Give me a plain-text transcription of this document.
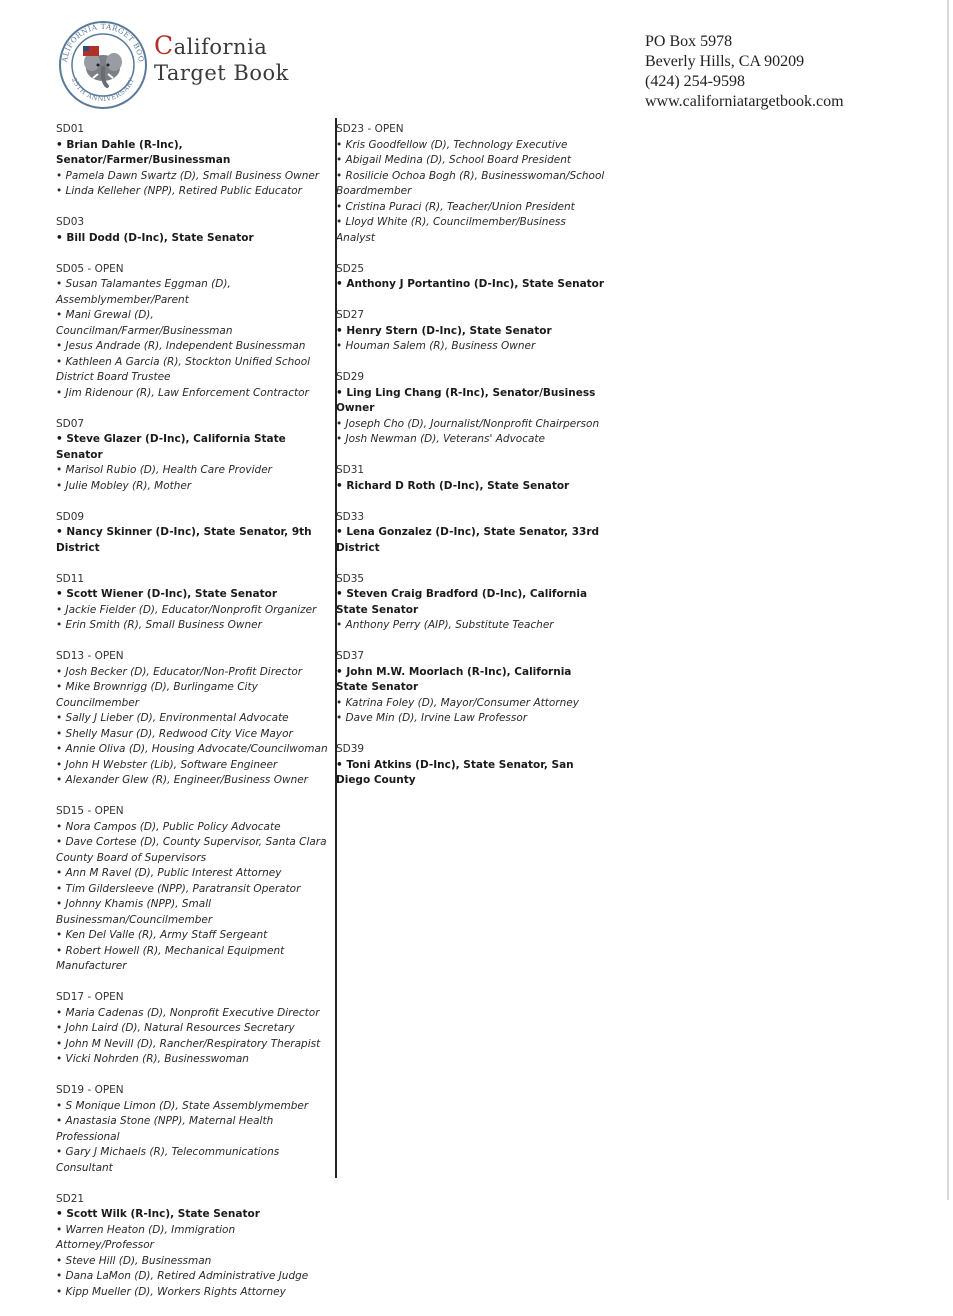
ALIFORNIA TARGET BOO
25TH ANNIVERSARY
California
Target Book
PO Box 5978
Beverly Hills, CA 90209
(424) 254-9598
www.californiatargetbook.com
SD01
• Brian Dahle (R-Inc), Senator/Farmer/Businessman
• Pamela Dawn Swartz (D), Small Business Owner
• Linda Kelleher (NPP), Retired Public Educator
SD03
• Bill Dodd (D-Inc), State Senator
SD05 - OPEN
• Susan Talamantes Eggman (D), Assemblymember/Parent
• Mani Grewal (D), Councilman/Farmer/Businessman
• Jesus Andrade (R), Independent Businessman
• Kathleen A Garcia (R), Stockton Unified School District Board Trustee
• Jim Ridenour (R), Law Enforcement Contractor
SD07
• Steve Glazer (D-Inc), California State Senator
• Marisol Rubio (D), Health Care Provider
• Julie Mobley (R), Mother
SD09
• Nancy Skinner (D-Inc), State Senator, 9th District
SD11
• Scott Wiener (D-Inc), State Senator
• Jackie Fielder (D), Educator/Nonprofit Organizer
• Erin Smith (R), Small Business Owner
SD13 - OPEN
• Josh Becker (D), Educator/Non-Profit Director
• Mike Brownrigg (D), Burlingame City Councilmember
• Sally J Lieber (D), Environmental Advocate
• Shelly Masur (D), Redwood City Vice Mayor
• Annie Oliva (D), Housing Advocate/Councilwoman
• John H Webster (Lib), Software Engineer
• Alexander Glew (R), Engineer/Business Owner
SD15 - OPEN
• Nora Campos (D), Public Policy Advocate
• Dave Cortese (D), County Supervisor, Santa Clara County Board of Supervisors
• Ann M Ravel (D), Public Interest Attorney
• Tim Gildersleeve (NPP), Paratransit Operator
• Johnny Khamis (NPP), Small Businessman/Councilmember
• Ken Del Valle (R), Army Staff Sergeant
• Robert Howell (R), Mechanical Equipment Manufacturer
SD17 - OPEN
• Maria Cadenas (D), Nonprofit Executive Director
• John Laird (D), Natural Resources Secretary
• John M Nevill (D), Rancher/Respiratory Therapist
• Vicki Nohrden (R), Businesswoman
SD19 - OPEN
• S Monique Limon (D), State Assemblymember
• Anastasia Stone (NPP), Maternal Health Professional
• Gary J Michaels (R), Telecommunications Consultant
SD21
• Scott Wilk (R-Inc), State Senator
• Warren Heaton (D), Immigration Attorney/Professor
• Steve Hill (D), Businessman
• Dana LaMon (D), Retired Administrative Judge
• Kipp Mueller (D), Workers Rights Attorney
SD23 - OPEN
• Kris Goodfellow (D), Technology Executive
• Abigail Medina (D), School Board President
• Rosilicie Ochoa Bogh (R), Businesswoman/School Boardmember
• Cristina Puraci (R), Teacher/Union President
• Lloyd White (R), Councilmember/Business Analyst
SD25
• Anthony J Portantino (D-Inc), State Senator
SD27
• Henry Stern (D-Inc), State Senator
• Houman Salem (R), Business Owner
SD29
• Ling Ling Chang (R-Inc), Senator/Business Owner
• Joseph Cho (D), Journalist/Nonprofit Chairperson
• Josh Newman (D), Veterans' Advocate
SD31
• Richard D Roth (D-Inc), State Senator
SD33
• Lena Gonzalez (D-Inc), State Senator, 33rd District
SD35
• Steven Craig Bradford (D-Inc), California State Senator
• Anthony Perry (AIP), Substitute Teacher
SD37
• John M.W. Moorlach (R-Inc), California State Senator
• Katrina Foley (D), Mayor/Consumer Attorney
• Dave Min (D), Irvine Law Professor
SD39
• Toni Atkins (D-Inc), State Senator, San Diego County
